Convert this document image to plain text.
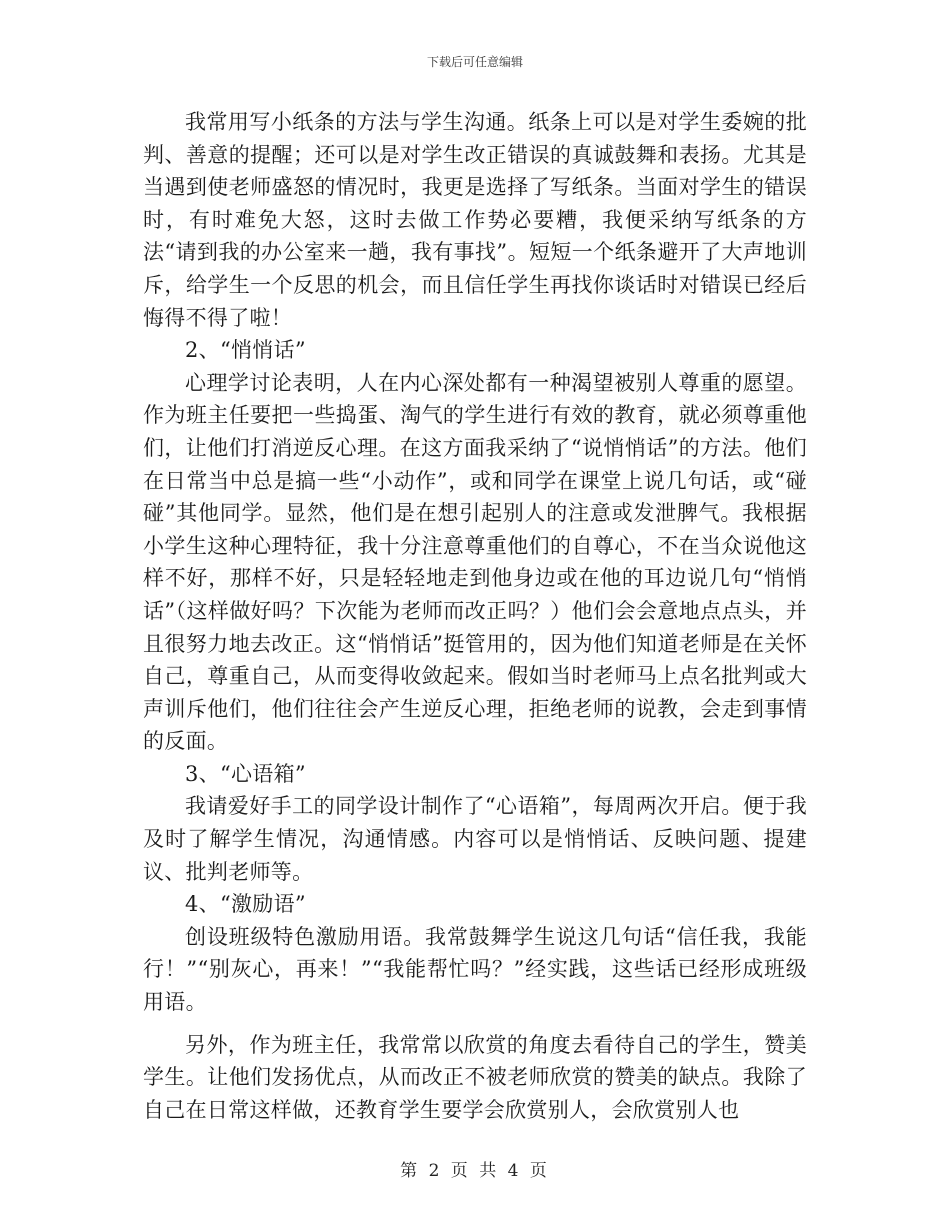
下载后可任意编辑

我常用写小纸条的方法与学生沟通。纸条上可以是对学生委婉的批判、善意的提醒；还可以是对学生改正错误的真诚鼓舞和表扬。尤其是当遇到使老师盛怒的情况时，我更是选择了写纸条。当面对学生的错误时，有时难免大怒，这时去做工作势必要糟，我便采纳写纸条的方法“请到我的办公室来一趟，我有事找”。短短一个纸条避开了大声地训斥，给学生一个反思的机会，而且信任学生再找你谈话时对错误已经后悔得不得了啦！

2、“悄悄话”

心理学讨论表明，人在内心深处都有一种渴望被别人尊重的愿望。作为班主任要把一些捣蛋、淘气的学生进行有效的教育，就必须尊重他们，让他们打消逆反心理。在这方面我采纳了“说悄悄话”的方法。他们在日常当中总是搞一些“小动作”，或和同学在课堂上说几句话，或“碰碰”其他同学。显然，他们是在想引起别人的注意或发泄脾气。我根据小学生这种心理特征，我十分注意尊重他们的自尊心，不在当众说他这样不好，那样不好，只是轻轻地走到他身边或在他的耳边说几句“悄悄话”（这样做好吗？下次能为老师而改正吗？）他们会会意地点点头，并且很努力地去改正。这“悄悄话”挺管用的，因为他们知道老师是在关怀自己，尊重自己，从而变得收敛起来。假如当时老师马上点名批判或大声训斥他们，他们往往会产生逆反心理，拒绝老师的说教，会走到事情的反面。

3、“心语箱”

我请爱好手工的同学设计制作了“心语箱”，每周两次开启。便于我及时了解学生情况，沟通情感。内容可以是悄悄话、反映问题、提建议、批判老师等。

4、“激励语”

创设班级特色激励用语。我常鼓舞学生说这几句话“信任我，我能行！”“别灰心，再来！”“我能帮忙吗？”经实践，这些话已经形成班级用语。

另外，作为班主任，我常常以欣赏的角度去看待自己的学生，赞美学生。让他们发扬优点，从而改正不被老师欣赏的赞美的缺点。我除了自己在日常这样做，还教育学生要学会欣赏别人，会欣赏别人也

第 2 页 共 4 页
